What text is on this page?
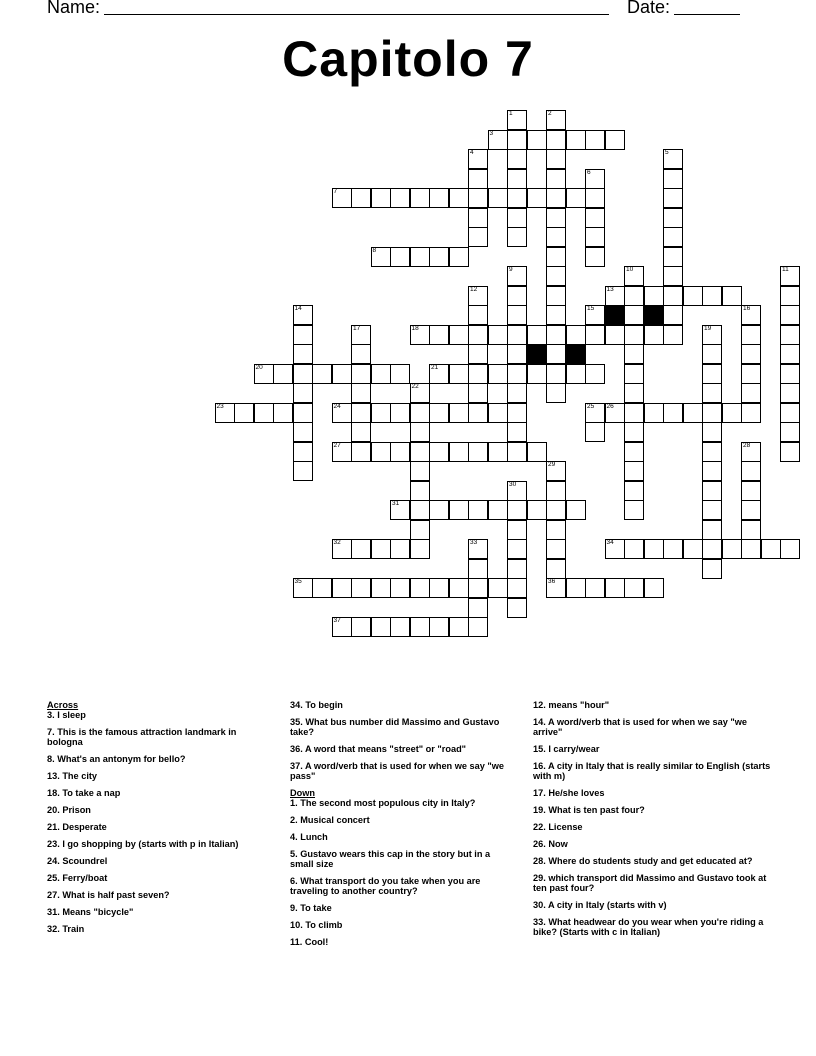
Name:	Date:
Capitolo 7
1	2
3
4	5
6
7
8
9	10	11
12	13
14	15	16
17	18	19
20	21
22
23	24	25 26
27	28
29
36
30
31
32	33	34
35
37

Across

3. I sleep

7. This is the famous attraction landmark in bologna

8. What's an antonym for bello?

13. The city

18. To take a nap

20. Prison

21. Desperate

23. I go shopping by (starts with p in Italian)

24. Scoundrel

25. Ferry/boat

27. What is half past seven?

31. Means "bicycle"

32. Train

34. To begin

35. What bus number did Massimo and Gustavo take?

36. A word that means "street" or "road"

37. A word/verb that is used for when we say "we pass"

Down

1. The second most populous city in Italy?

2. Musical concert

4. Lunch

5. Gustavo wears this cap in the story but in a small size

6. What transport do you take when you are traveling to another country?

9. To take

10. To climb

11. Cool!

12. means "hour"

14. A word/verb that is used for when we say "we arrive"

15. I carry/wear

16. A city in Italy that is really similar to English (starts with m)

17. He/she loves

19. What is ten past four?

22. License

26. Now

28. Where do students study and get educated at?

29. which transport did Massimo and Gustavo took at ten past four?

30. A city in Italy (starts with v)

33. What headwear do you wear when you're riding a bike? (Starts with c in Italian)
